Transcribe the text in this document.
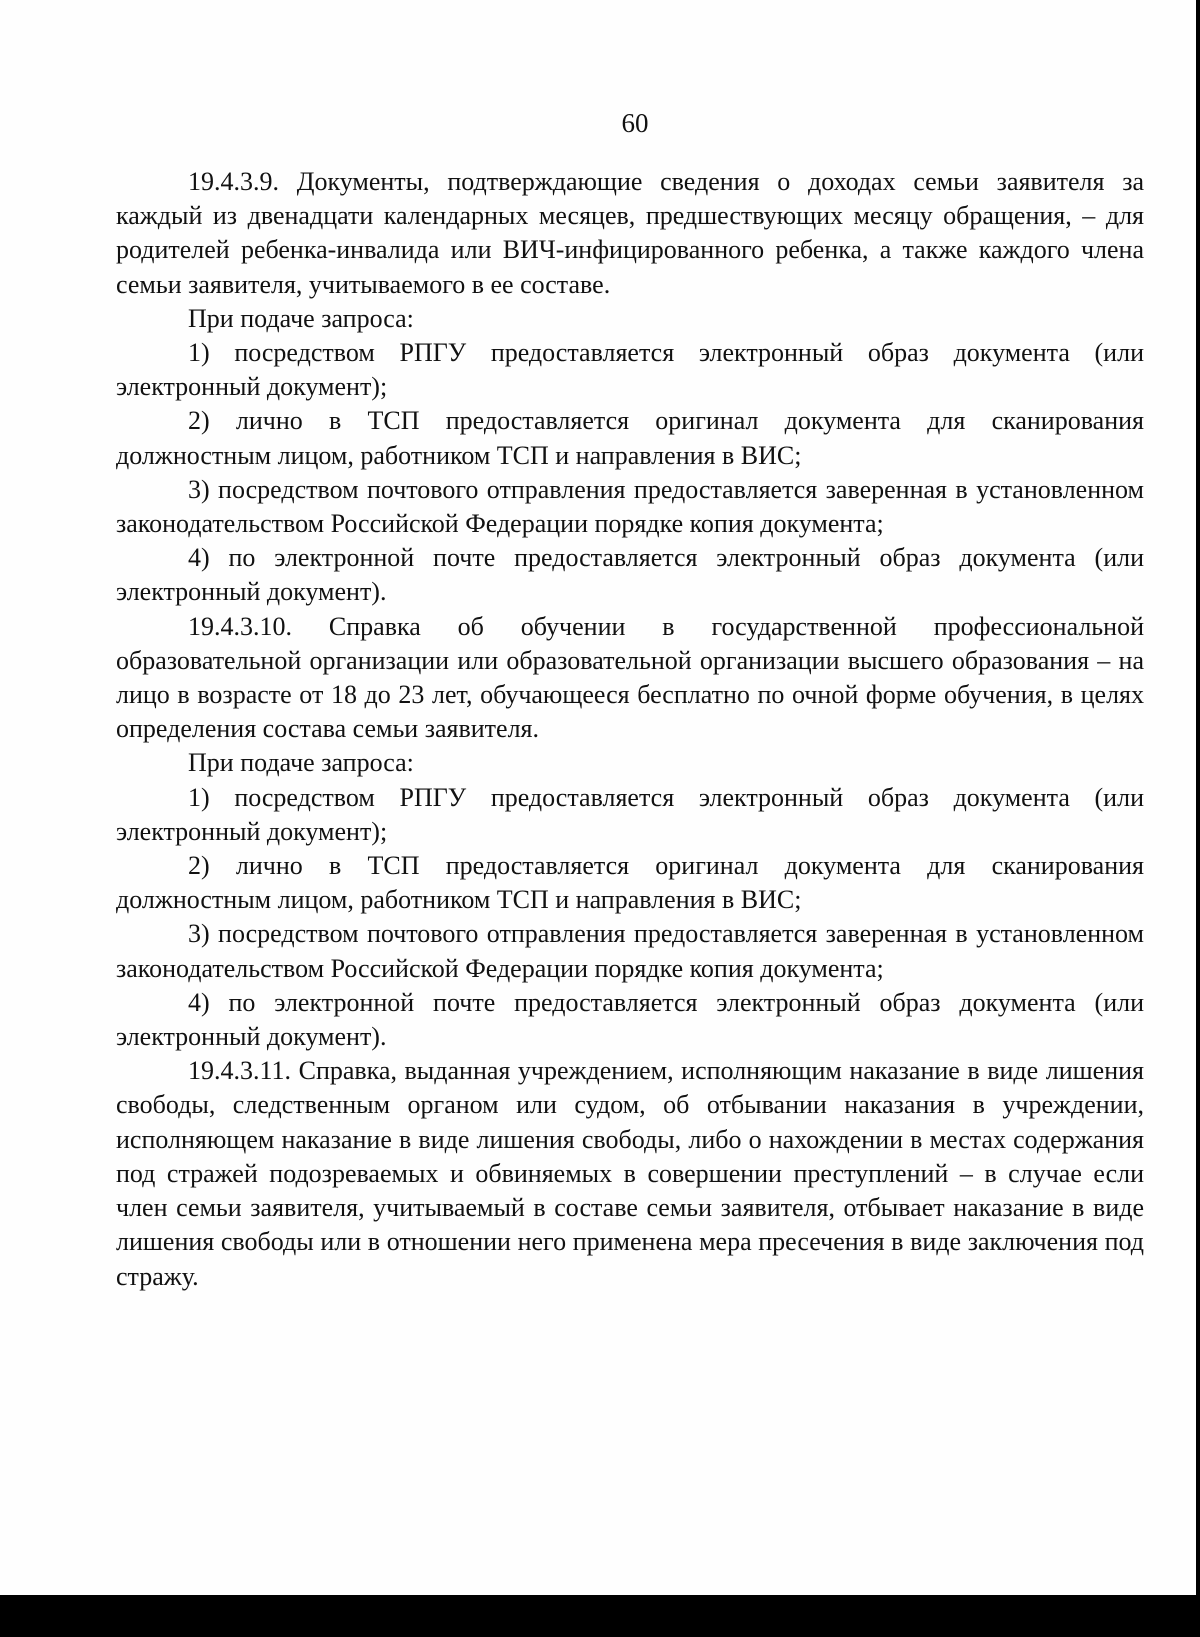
60

19.4.3.9. Документы, подтверждающие сведения о доходах семьи заявителя за каждый из двенадцати календарных месяцев, предшествующих месяцу обращения, – для родителей ребенка-инвалида или ВИЧ-инфицированного ребенка, а также каждого члена семьи заявителя, учитываемого в ее составе.

При подаче запроса:

1) посредством РПГУ предоставляется электронный образ документа (или электронный документ);

2) лично в ТСП предоставляется оригинал документа для сканирования должностным лицом, работником ТСП и направления в ВИС;

3) посредством почтового отправления предоставляется заверенная в установленном законодательством Российской Федерации порядке копия документа;

4) по электронной почте предоставляется электронный образ документа (или электронный документ).

19.4.3.10. Справка об обучении в государственной профессиональной образовательной организации или образовательной организации высшего образования – на лицо в возрасте от 18 до 23 лет, обучающееся бесплатно по очной форме обучения, в целях определения состава семьи заявителя.

При подаче запроса:

1) посредством РПГУ предоставляется электронный образ документа (или электронный документ);

2) лично в ТСП предоставляется оригинал документа для сканирования должностным лицом, работником ТСП и направления в ВИС;

3) посредством почтового отправления предоставляется заверенная в установленном законодательством Российской Федерации порядке копия документа;

4) по электронной почте предоставляется электронный образ документа (или электронный документ).

19.4.3.11. Справка, выданная учреждением, исполняющим наказание в виде лишения свободы, следственным органом или судом, об отбывании наказания в учреждении, исполняющем наказание в виде лишения свободы, либо о нахождении в местах содержания под стражей подозреваемых и обвиняемых в совершении преступлений – в случае если член семьи заявителя, учитываемый в составе семьи заявителя, отбывает наказание в виде лишения свободы или в отношении него применена мера пресечения в виде заключения под стражу.
